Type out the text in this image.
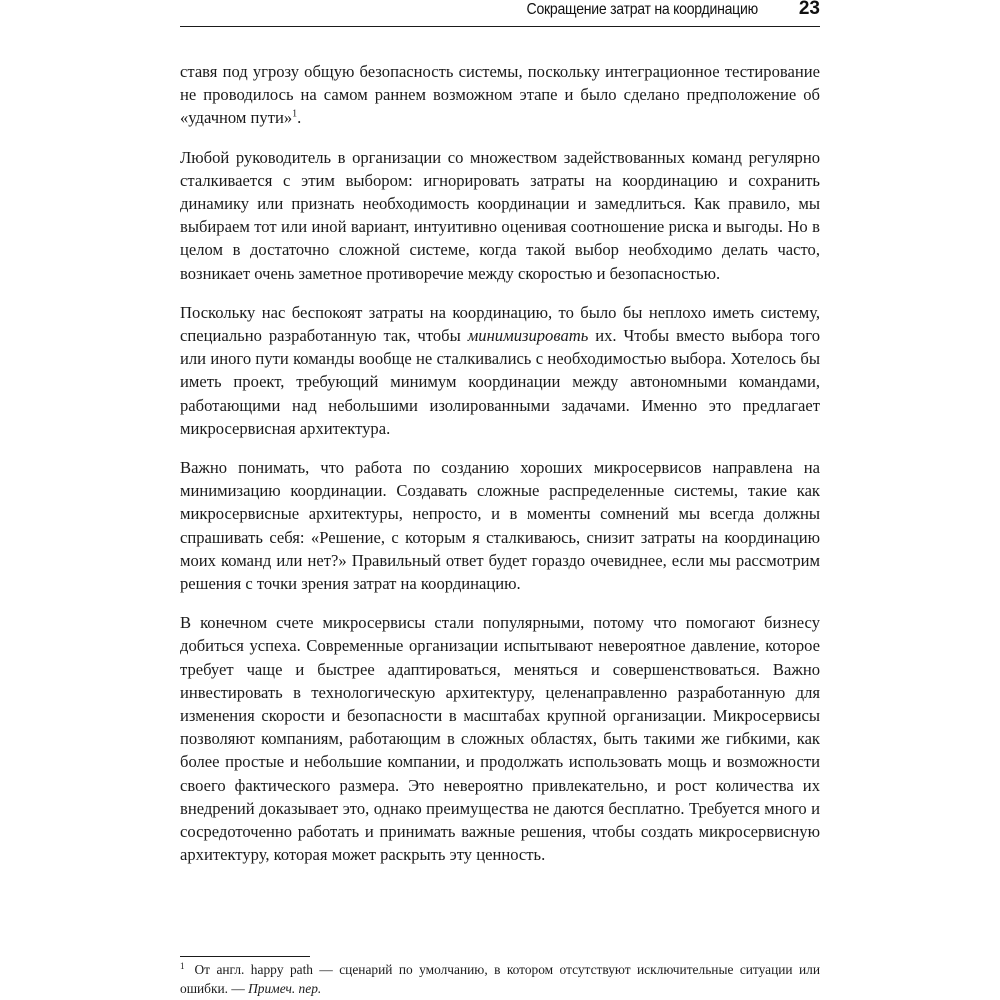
Сокращение затрат на координацию 23

ставя под угрозу общую безопасность системы, поскольку интеграционное тестирование не проводилось на самом раннем возможном этапе и было сделано предположение об «удачном пути»$^1$.

Любой руководитель в организации со множеством задействованных команд регулярно сталкивается с этим выбором: игнорировать затраты на координацию и сохранить динамику или признать необходимость координации и замедлиться. Как правило, мы выбираем тот или иной вариант, интуитивно оценивая соотношение риска и выгоды. Но в целом в достаточно сложной системе, когда такой выбор необходимо делать часто, возникает очень заметное противоречие между скоростью и безопасностью.

Поскольку нас беспокоят затраты на координацию, то было бы неплохо иметь систему, специально разработанную так, чтобы минимизировать их. Чтобы вместо выбора того или иного пути команды вообще не сталкивались с необходимостью выбора. Хотелось бы иметь проект, требующий минимум координации между автономными командами, работающими над небольшими изолированными задачами. Именно это предлагает микросервисная архитектура.

Важно понимать, что работа по созданию хороших микросервисов направлена на минимизацию координации. Создавать сложные распределенные системы, такие как микросервисные архитектуры, непросто, и в моменты сомнений мы всегда должны спрашивать себя: «Решение, с которым я сталкиваюсь, снизит затраты на координацию моих команд или нет?» Правильный ответ будет гораздо очевиднее, если мы рассмотрим решения с точки зрения затрат на координацию.

В конечном счете микросервисы стали популярными, потому что помогают бизнесу добиться успеха. Современные организации испытывают невероятное давление, которое требует чаще и быстрее адаптироваться, меняться и совершенствоваться. Важно инвестировать в технологическую архитектуру, целенаправленно разработанную для изменения скорости и безопасности в масштабах крупной организации. Микросервисы позволяют компаниям, работающим в сложных областях, быть такими же гибкими, как более простые и небольшие компании, и продолжать использовать мощь и возможности своего фактического размера. Это невероятно привлекательно, и рост количества их внедрений доказывает это, однако преимущества не даются бесплатно. Требуется много и сосредоточенно работать и принимать важные решения, чтобы создать микросервисную архитектуру, которая может раскрыть эту ценность.

$^1$ От англ. happy path — сценарий по умолчанию, в котором отсутствуют исключительные ситуации или ошибки. — Примеч. пер.
